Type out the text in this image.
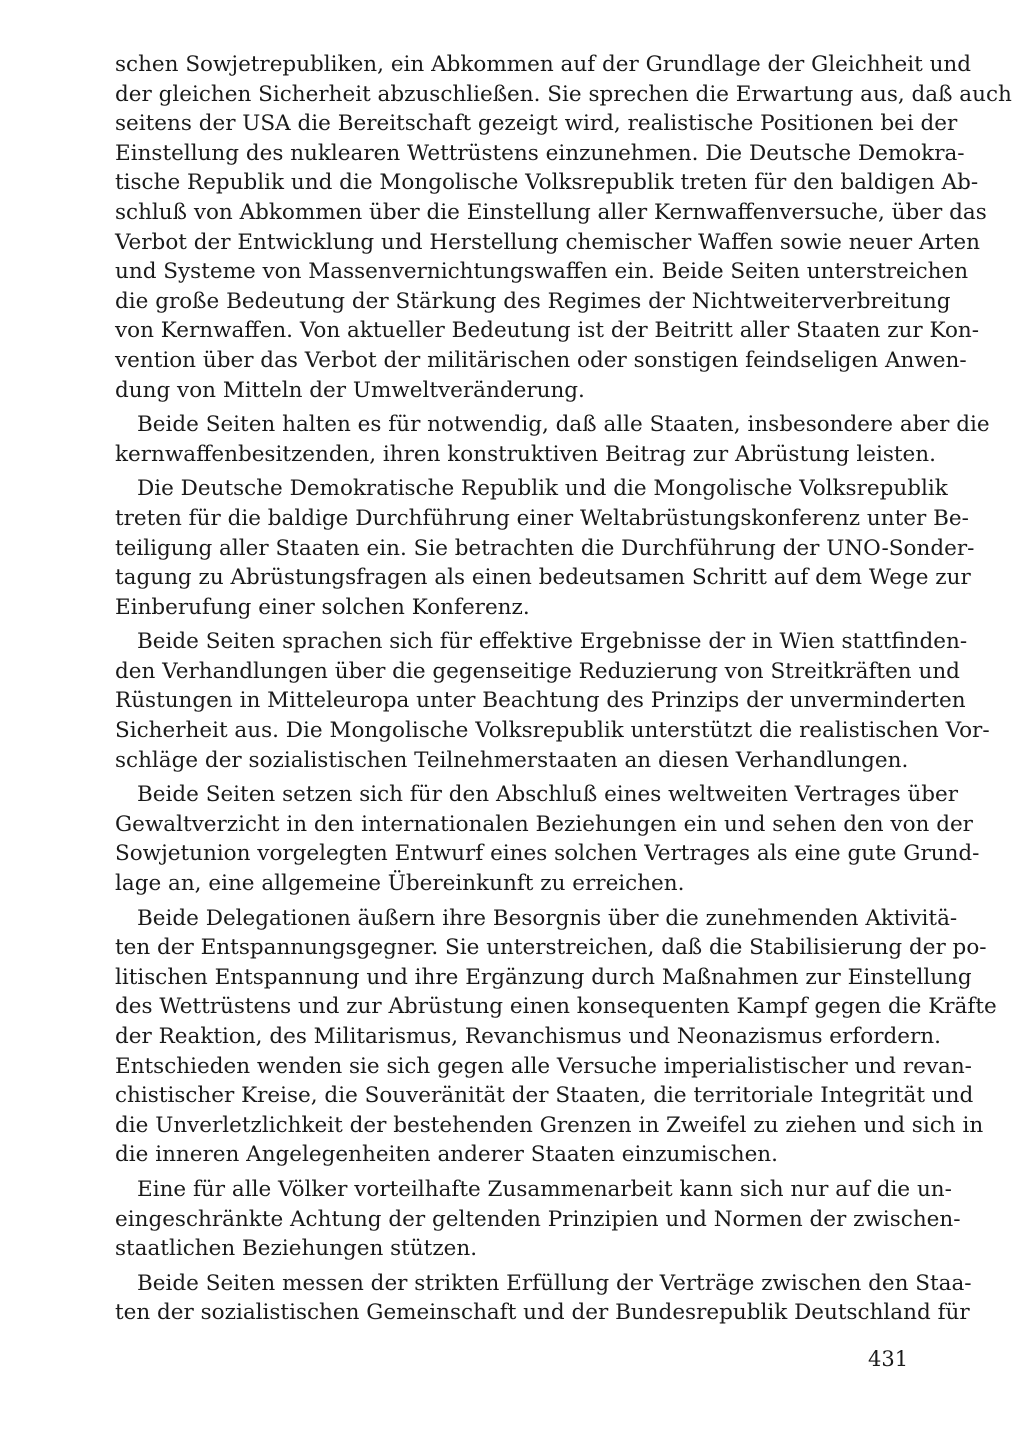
schen Sowjetrepubliken, ein Abkommen auf der Grundlage der Gleichheit und
der gleichen Sicherheit abzuschließen. Sie sprechen die Erwartung aus, daß auch
seitens der USA die Bereitschaft gezeigt wird, realistische Positionen bei der
Einstellung des nuklearen Wettrüstens einzunehmen. Die Deutsche Demokra-
tische Republik und die Mongolische Volksrepublik treten für den baldigen Ab-
schluß von Abkommen über die Einstellung aller Kernwaffenversuche, über das
Verbot der Entwicklung und Herstellung chemischer Waffen sowie neuer Arten
und Systeme von Massenvernichtungswaffen ein. Beide Seiten unterstreichen
die große Bedeutung der Stärkung des Regimes der Nichtweiterverbreitung
von Kernwaffen. Von aktueller Bedeutung ist der Beitritt aller Staaten zur Kon-
vention über das Verbot der militärischen oder sonstigen feindseligen Anwen-
dung von Mitteln der Umweltveränderung.
Beide Seiten halten es für notwendig, daß alle Staaten, insbesondere aber die
kernwaffenbesitzenden, ihren konstruktiven Beitrag zur Abrüstung leisten.
Die Deutsche Demokratische Republik und die Mongolische Volksrepublik
treten für die baldige Durchführung einer Weltabrüstungskonferenz unter Be-
teiligung aller Staaten ein. Sie betrachten die Durchführung der UNO-Sonder-
tagung zu Abrüstungsfragen als einen bedeutsamen Schritt auf dem Wege zur
Einberufung einer solchen Konferenz.
Beide Seiten sprachen sich für effektive Ergebnisse der in Wien stattfinden-
den Verhandlungen über die gegenseitige Reduzierung von Streitkräften und
Rüstungen in Mitteleuropa unter Beachtung des Prinzips der unverminderten
Sicherheit aus. Die Mongolische Volksrepublik unterstützt die realistischen Vor-
schläge der sozialistischen Teilnehmerstaaten an diesen Verhandlungen.
Beide Seiten setzen sich für den Abschluß eines weltweiten Vertrages über
Gewaltverzicht in den internationalen Beziehungen ein und sehen den von der
Sowjetunion vorgelegten Entwurf eines solchen Vertrages als eine gute Grund-
lage an, eine allgemeine Übereinkunft zu erreichen.
Beide Delegationen äußern ihre Besorgnis über die zunehmenden Aktivitä-
ten der Entspannungsgegner. Sie unterstreichen, daß die Stabilisierung der po-
litischen Entspannung und ihre Ergänzung durch Maßnahmen zur Einstellung
des Wettrüstens und zur Abrüstung einen konsequenten Kampf gegen die Kräfte
der Reaktion, des Militarismus, Revanchismus und Neonazismus erfordern.
Entschieden wenden sie sich gegen alle Versuche imperialistischer und revan-
chistischer Kreise, die Souveränität der Staaten, die territoriale Integrität und
die Unverletzlichkeit der bestehenden Grenzen in Zweifel zu ziehen und sich in
die inneren Angelegenheiten anderer Staaten einzumischen.
Eine für alle Völker vorteilhafte Zusammenarbeit kann sich nur auf die un-
eingeschränkte Achtung der geltenden Prinzipien und Normen der zwischen-
staatlichen Beziehungen stützen.
Beide Seiten messen der strikten Erfüllung der Verträge zwischen den Staa-
ten der sozialistischen Gemeinschaft und der Bundesrepublik Deutschland für
431
